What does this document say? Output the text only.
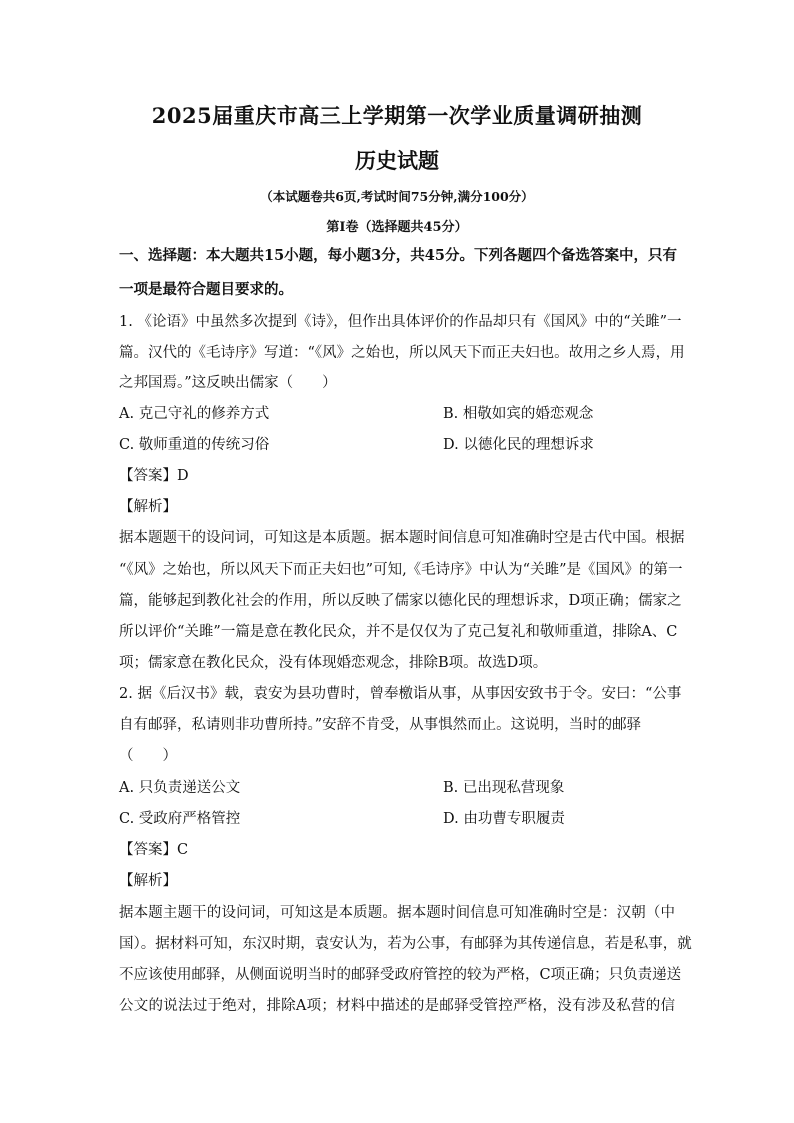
2025届重庆市高三上学期第一次学业质量调研抽测
历史试题
（本试题卷共6页,考试时间75分钟,满分100分）
第Ⅰ卷（选择题共45分）
一、选择题：本大题共15小题，每小题3分，共45分。下列各题四个备选答案中，只有
一项是最符合题目要求的。
1. 《论语》中虽然多次提到《诗》，但作出具体评价的作品却只有《国风》中的“关雎”一
篇。汉代的《毛诗序》写道：“《风》之始也，所以风天下而正夫妇也。故用之乡人焉，用
之邦国焉。”这反映出儒家（　　）
A. 克己守礼的修养方式	B. 相敬如宾的婚恋观念
C. 敬师重道的传统习俗	D. 以德化民的理想诉求
【答案】D
【解析】
据本题题干的设问词，可知这是本质题。据本题时间信息可知准确时空是古代中国。根据
“《风》之始也，所以风天下而正夫妇也”可知,《毛诗序》中认为“关雎”是《国风》的第一
篇，能够起到教化社会的作用，所以反映了儒家以德化民的理想诉求，D项正确；儒家之
所以评价“关雎”一篇是意在教化民众，并不是仅仅为了克己复礼和敬师重道，排除A、C
项；儒家意在教化民众，没有体现婚恋观念，排除B项。故选D项。
2. 据《后汉书》载，袁安为县功曹时，曾奉檄诣从事，从事因安致书于令。安曰：“公事
自有邮驿，私请则非功曹所持。”安辞不肯受，从事惧然而止。这说明，当时的邮驿
（　　）
A. 只负责递送公文	B. 已出现私营现象
C. 受政府严格管控	D. 由功曹专职履责
【答案】C
【解析】
据本题主题干的设问词，可知这是本质题。据本题时间信息可知准确时空是：汉朝（中
国）。据材料可知，东汉时期，袁安认为，若为公事，有邮驿为其传递信息，若是私事，就
不应该使用邮驿，从侧面说明当时的邮驿受政府管控的较为严格，C项正确；只负责递送
公文的说法过于绝对，排除A项；材料中描述的是邮驿受管控严格，没有涉及私营的信
